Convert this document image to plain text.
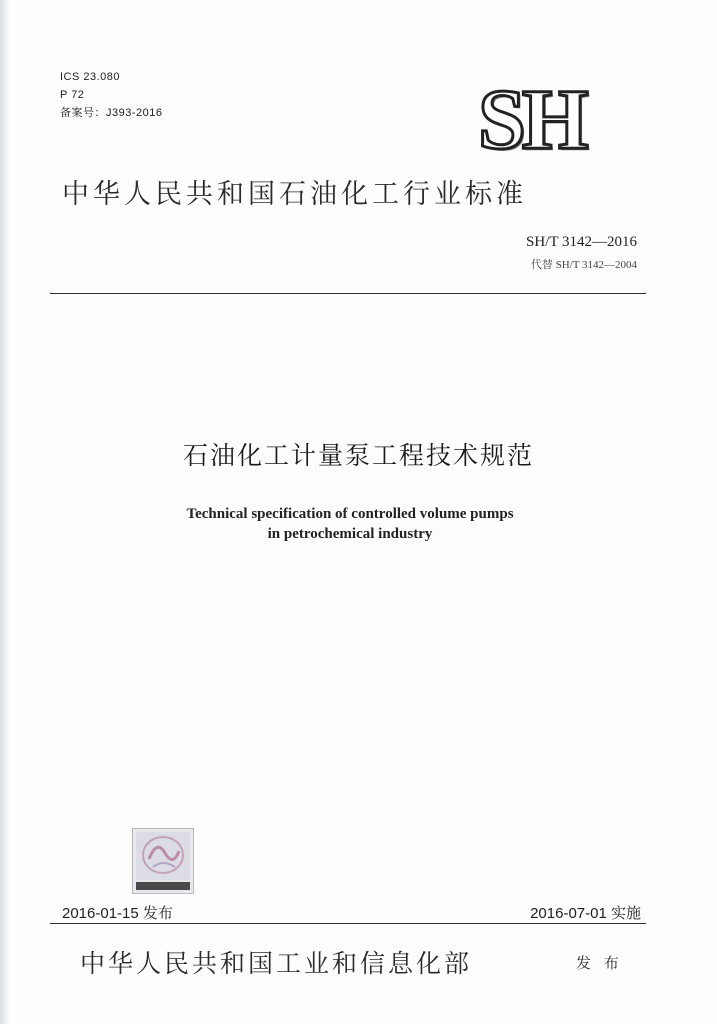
ICS 23.080
P 72
备案号：J393-2016	SH
中华人民共和国石油化工行业标准
SH/T 3142—2016
代替 SH/T 3142—2004
石油化工计量泵工程技术规范
Technical specification of controlled volume pumps
in petrochemical industry
2016-01-15 发布	2016-07-01 实施
中华人民共和国工业和信息化部	发 布
